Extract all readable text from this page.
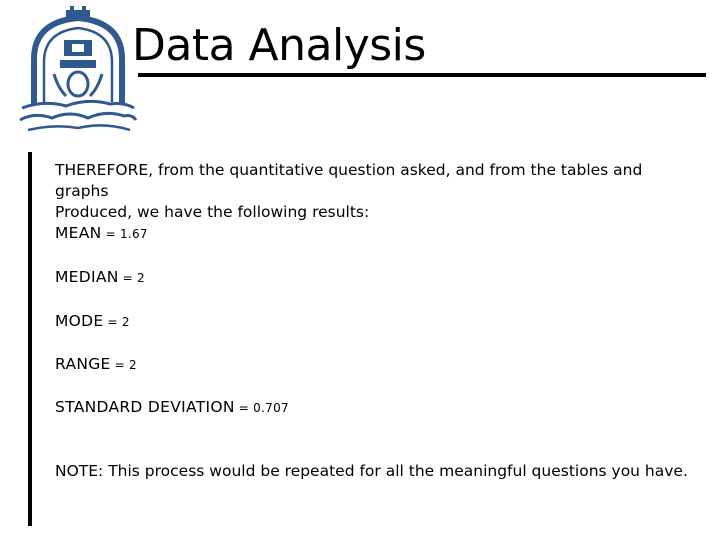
Data Analysis

THEREFORE, from the quantitative question asked, and from the tables and graphs

Produced, we have the following results:

MEAN = 1.67
MEDIAN = 2
MODE = 2
RANGE = 2
STANDARD DEVIATION = 0.707
NOTE: This process would be repeated for all the meaningful questions you have.
